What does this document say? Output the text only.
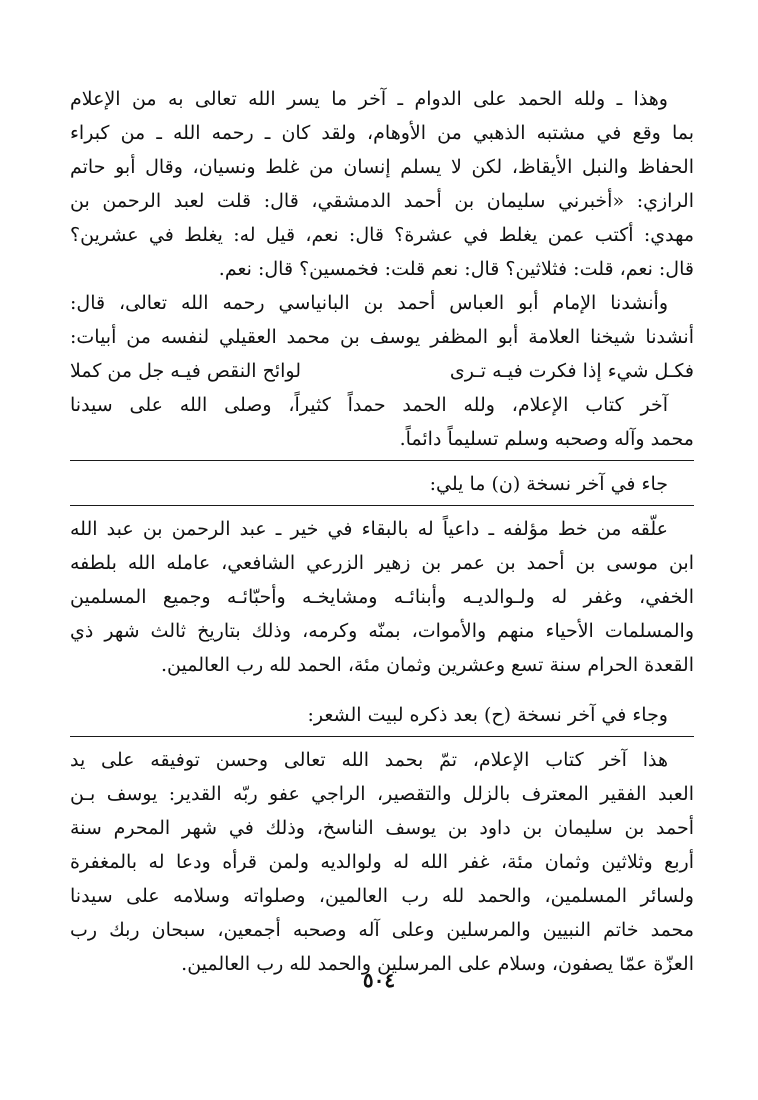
وهذا ـ ولله الحمد على الدوام ـ آخر ما يسر الله تعالى به من الإعلام
بما وقع في مشتبه الذهبي من الأوهام، ولقد كان ـ رحمه الله ـ من كبراء
الحفاظ والنبل الأيقاظ، لكن لا يسلم إنسان من غلط ونسيان، وقال أبو حاتم
الرازي: «أخبرني سليمان بن أحمد الدمشقي، قال: قلت لعبد الرحمن بن
مهدي: أكتب عمن يغلط في عشرة؟ قال: نعم، قيل له: يغلط في عشرين؟
قال: نعم، قلت: فثلاثين؟ قال: نعم قلت: فخمسين؟ قال: نعم.
وأنشدنا الإمام أبو العباس أحمد بن البانياسي رحمه الله تعالى، قال:
أنشدنا شيخنا العلامة أبو المظفر يوسف بن محمد العقيلي لنفسه من أبيات:
فكـل شيء إذا فكرت فيـه تـرى
لوائح النقص فيـه جل من كملا
آخر كتاب الإعلام، ولله الحمد حمداً كثيراً، وصلى الله على سيدنا
محمد وآله وصحبه وسلم تسليماً دائماً.
جاء في آخر نسخة (ن) ما يلي:
علّقه من خط مؤلفه ـ داعياً له بالبقاء في خير ـ عبد الرحمن بن عبد الله
ابن موسى بن أحمد بن عمر بن زهير الزرعي الشافعي، عامله الله بلطفه
الخفي، وغفر له ولـوالديـه وأبنائـه ومشايخـه وأحبّائـه وجميع المسلمين
والمسلمات الأحياء منهم والأموات، بمنّه وكرمه، وذلك بتاريخ ثالث شهر ذي
القعدة الحرام سنة تسع وعشرين وثمان مئة، الحمد لله رب العالمين.
وجاء في آخر نسخة (ح) بعد ذكره لبيت الشعر:
هذا آخر كتاب الإعلام، تمّ بحمد الله تعالى وحسن توفيقه على يد
العبد الفقير المعترف بالزلل والتقصير، الراجي عفو ربّه القدير: يوسف بـن
أحمد بن سليمان بن داود بن يوسف الناسخ، وذلك في شهر المحرم سنة
أربع وثلاثين وثمان مئة، غفر الله له ولوالديه ولمن قرأه ودعا له بالمغفرة
ولسائر المسلمين، والحمد لله رب العالمين، وصلواته وسلامه على سيدنا
محمد خاتم النبيين والمرسلين وعلى آله وصحبه أجمعين، سبحان ربك رب
العزّة عمّا يصفون، وسلام على المرسلين والحمد لله رب العالمين.
٥٠٤
